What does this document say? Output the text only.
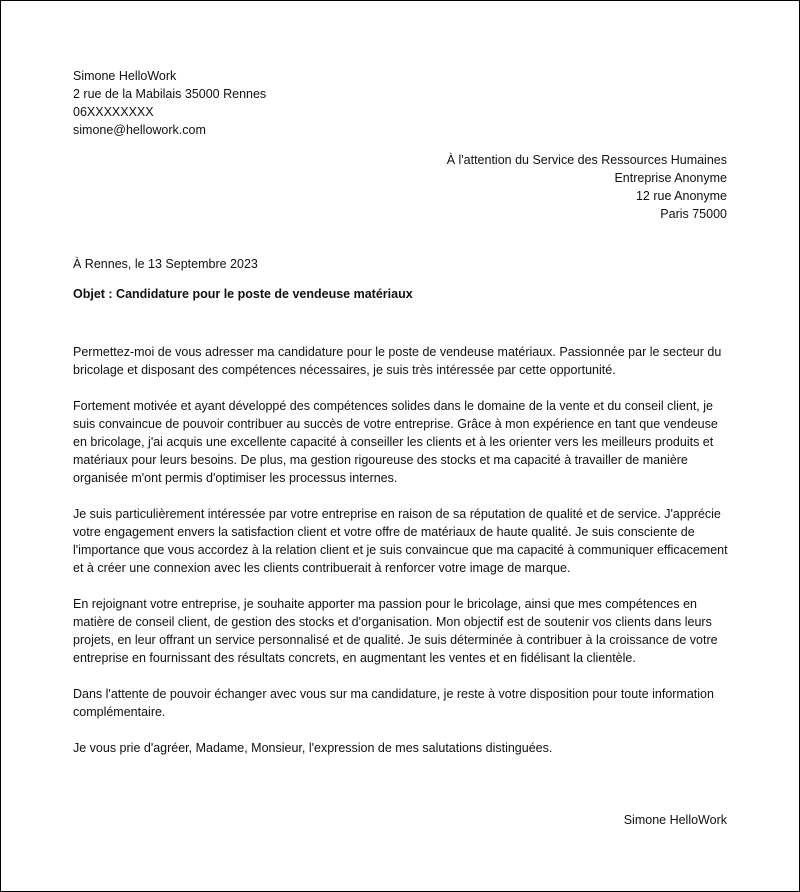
Simone HelloWork
2 rue de la Mabilais 35000 Rennes
06XXXXXXXX
simone@hellowork.com
À l'attention du Service des Ressources Humaines
Entreprise Anonyme
12 rue Anonyme
Paris 75000
À Rennes, le 13 Septembre 2023
Objet : Candidature pour le poste de vendeuse matériaux

Permettez-moi de vous adresser ma candidature pour le poste de vendeuse matériaux. Passionnée par le secteur du bricolage et disposant des compétences nécessaires, je suis très intéressée par cette opportunité.

Fortement motivée et ayant développé des compétences solides dans le domaine de la vente et du conseil client, je suis convaincue de pouvoir contribuer au succès de votre entreprise. Grâce à mon expérience en tant que vendeuse en bricolage, j'ai acquis une excellente capacité à conseiller les clients et à les orienter vers les meilleurs produits et matériaux pour leurs besoins. De plus, ma gestion rigoureuse des stocks et ma capacité à travailler de manière organisée m'ont permis d'optimiser les processus internes.

Je suis particulièrement intéressée par votre entreprise en raison de sa réputation de qualité et de service. J'apprécie votre engagement envers la satisfaction client et votre offre de matériaux de haute qualité. Je suis consciente de l'importance que vous accordez à la relation client et je suis convaincue que ma capacité à communiquer efficacement et à créer une connexion avec les clients contribuerait à renforcer votre image de marque.

En rejoignant votre entreprise, je souhaite apporter ma passion pour le bricolage, ainsi que mes compétences en matière de conseil client, de gestion des stocks et d'organisation. Mon objectif est de soutenir vos clients dans leurs projets, en leur offrant un service personnalisé et de qualité. Je suis déterminée à contribuer à la croissance de votre entreprise en fournissant des résultats concrets, en augmentant les ventes et en fidélisant la clientèle.

Dans l'attente de pouvoir échanger avec vous sur ma candidature, je reste à votre disposition pour toute information complémentaire.

Je vous prie d'agréer, Madame, Monsieur, l'expression de mes salutations distinguées.

Simone HelloWork
